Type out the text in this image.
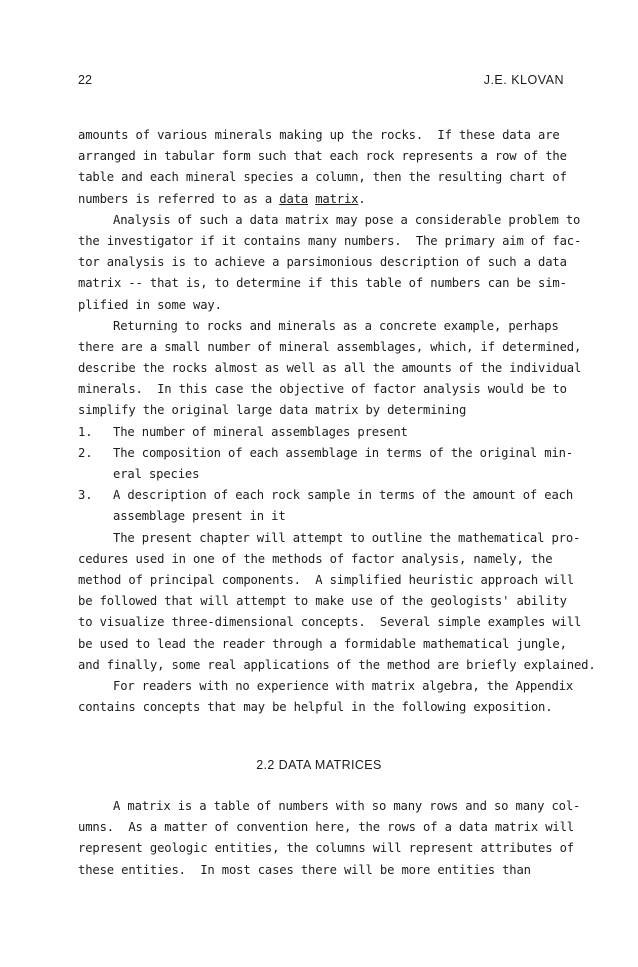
22	J.E. KLOVAN
amounts of various minerals making up the rocks.  If these data are
arranged in tabular form such that each rock represents a row of the
table and each mineral species a column, then the resulting chart of
numbers is referred to as a data matrix.
Analysis of such a data matrix may pose a considerable problem to
the investigator if it contains many numbers.  The primary aim of fac-
tor analysis is to achieve a parsimonious description of such a data
matrix -- that is, to determine if this table of numbers can be sim-
plified in some way.
Returning to rocks and minerals as a concrete example, perhaps
there are a small number of mineral assemblages, which, if determined,
describe the rocks almost as well as all the amounts of the individual
minerals.  In this case the objective of factor analysis would be to
simplify the original large data matrix by determining
1. The number of mineral assemblages present
2. The composition of each assemblage in terms of the original min-
eral species
3. A description of each rock sample in terms of the amount of each
assemblage present in it
The present chapter will attempt to outline the mathematical pro-
cedures used in one of the methods of factor analysis, namely, the
method of principal components.  A simplified heuristic approach will
be followed that will attempt to make use of the geologists' ability
to visualize three-dimensional concepts.  Several simple examples will
be used to lead the reader through a formidable mathematical jungle,
and finally, some real applications of the method are briefly explained.
For readers with no experience with matrix algebra, the Appendix
contains concepts that may be helpful in the following exposition.
2.2 DATA MATRICES
A matrix is a table of numbers with so many rows and so many col-
umns.  As a matter of convention here, the rows of a data matrix will
represent geologic entities, the columns will represent attributes of
these entities.  In most cases there will be more entities than
